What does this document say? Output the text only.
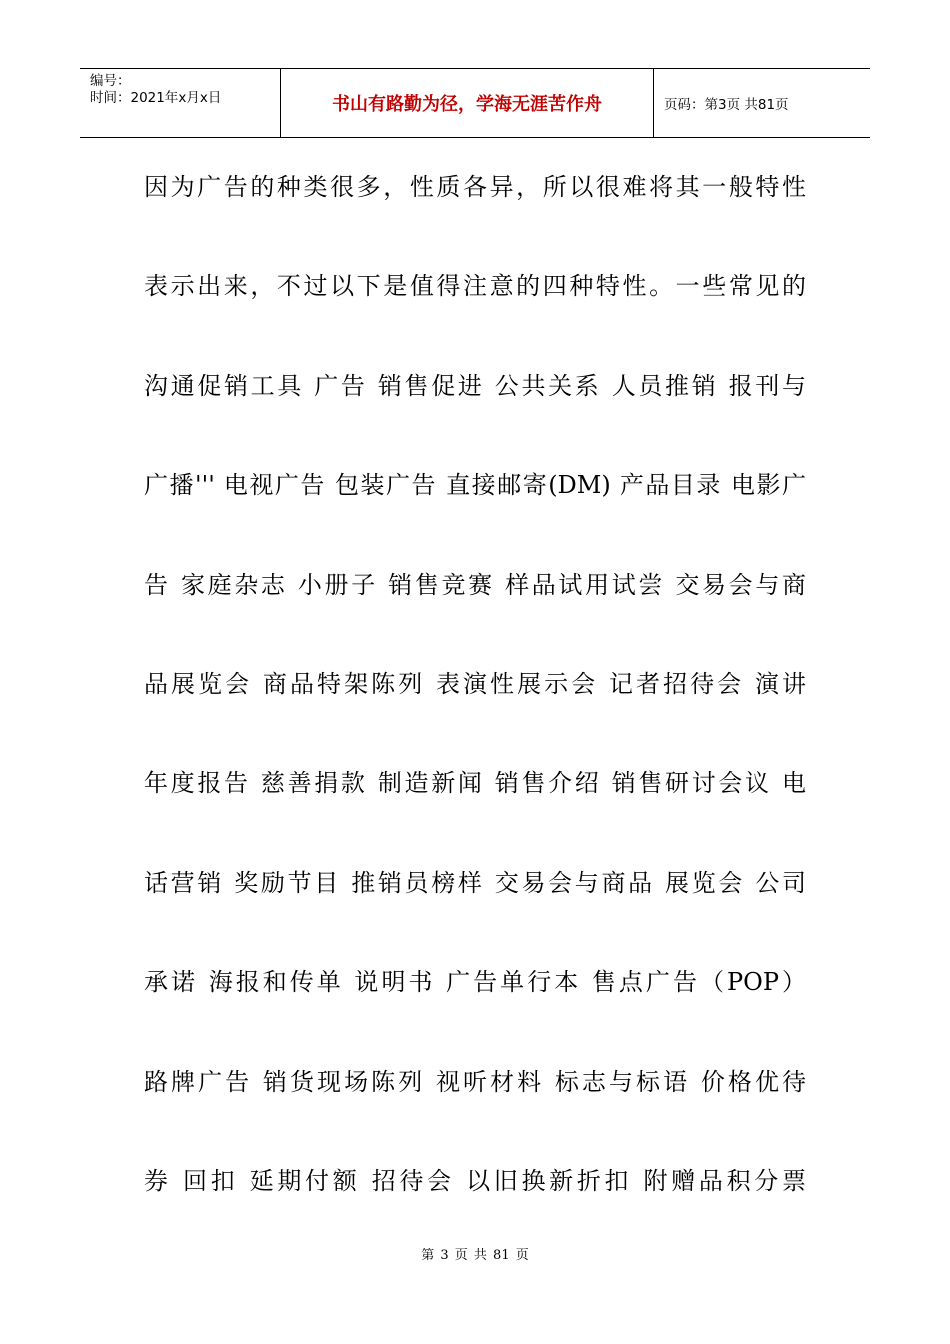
编号：
时间：2021年x月x日	书山有路勤为径，学海无涯苦作舟	页码：第3页 共81页
因为广告的种类很多，性质各异，所以很难将其一般特性
表示出来，不过以下是值得注意的四种特性。一些常见的
沟通促销工具 广告 销售促进 公共关系 人员推销 报刊与
广播''' 电视广告 包装广告 直接邮寄(DM) 产品目录 电影广
告 家庭杂志 小册子 销售竞赛 样品试用试尝 交易会与商
品展览会 商品特架陈列 表演性展示会 记者招待会 演讲
年度报告 慈善捐款 制造新闻 销售介绍 销售研讨会议 电
话营销 奖励节目 推销员榜样 交易会与商品 展览会 公司
承诺 海报和传单 说明书 广告单行本 售点广告（POP）
路牌广告 销货现场陈列 视听材料 标志与标语 价格优待
券 回扣 延期付额 招待会 以旧换新折扣 附赠品积分票
第 3 页 共 81 页
